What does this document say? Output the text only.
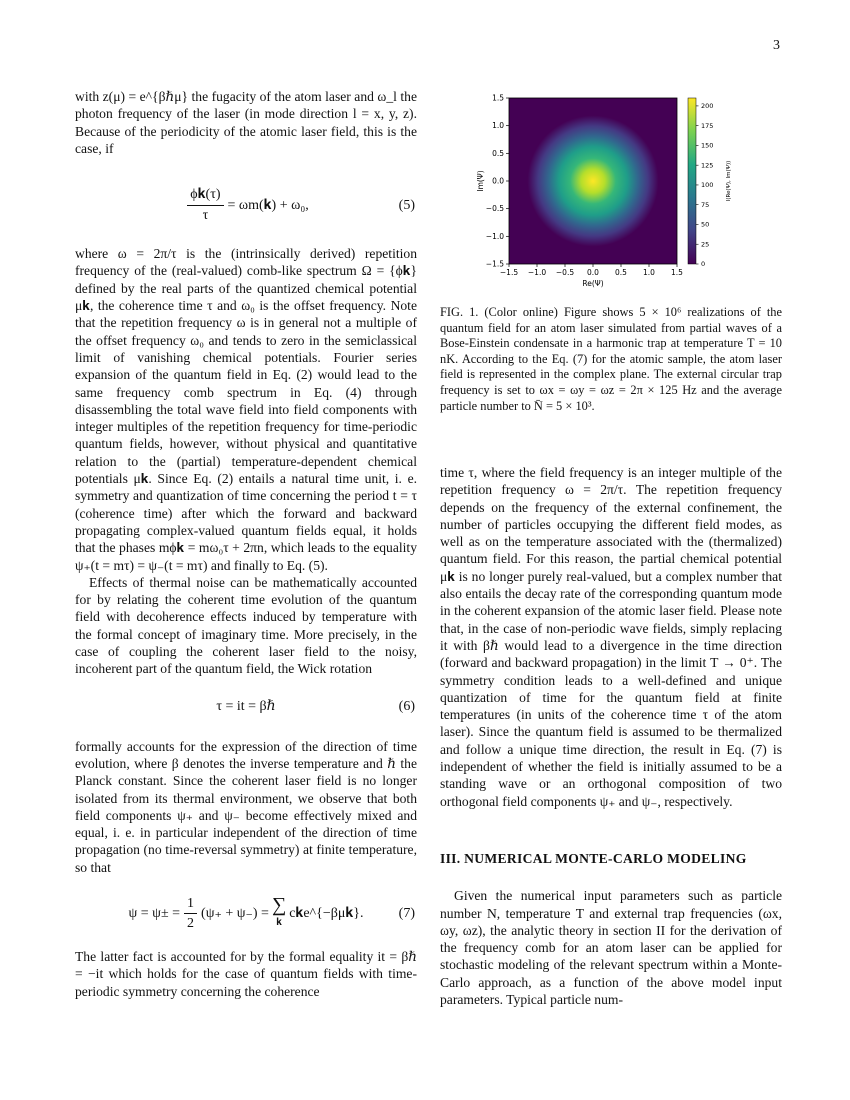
3

with z(μ) = e^{βℏμ} the fugacity of the atom laser and ω_l the photon frequency of the laser (in mode direction l = x, y, z). Because of the periodicity of the atomic laser field, this is the case, if

$\frac{\text{ϕ𝐤(τ)}}{\tau}$ = ωm(𝐤) + ω₀,	(5)

where ω = 2π/τ is the (intrinsically derived) repetition frequency of the (real-valued) comb-like spectrum Ω = {ϕ𝐤} defined by the real parts of the quantized chemical potential μ𝐤, the coherence time τ and ω₀ is the offset frequency. Note that the repetition frequency ω is in general not a multiple of the offset frequency ω₀ and tends to zero in the semiclassical limit of vanishing chemical potentials. Fourier series expansion of the quantum field in Eq. (2) would lead to the same frequency comb spectrum in Eq. (4) through disassembling the total wave field into field components with integer multiples of the repetition frequency for time-periodic quantum fields, however, without physical and quantitative relation to the (partial) temperature-dependent chemical potentials μ𝐤. Since Eq. (2) entails a natural time unit, i. e. symmetry and quantization of time concerning the period t = τ (coherence time) after which the forward and backward propagating complex-valued quantum fields equal, it holds that the phases mϕ𝐤 = mω₀τ + 2πn, which leads to the equality ψ₊(t = mτ) = ψ₋(t = mτ) and finally to Eq. (5).

Effects of thermal noise can be mathematically accounted for by relating the coherent time evolution of the quantum field with decoherence effects induced by temperature with the formal concept of imaginary time. More precisely, in the case of coupling the coherent laser field to the noisy, incoherent part of the quantum field, the Wick rotation

τ = it = βℏ	(6)

formally accounts for the expression of the direction of time evolution, where β denotes the inverse temperature and ℏ the Planck constant. Since the coherent laser field is no longer isolated from its thermal environment, we observe that both field components ψ₊ and ψ₋ become effectively mixed and equal, i. e. in particular independent of the direction of time propagation (no time-reversal symmetry) at finite temperature, so that

$\psi = \psi\pm = \frac{1}{2} (\psi_+ + \psi_-)$ = ∑
𝐤
c𝐤e^{−βμ𝐤}.	(7)

The latter fact is accounted for by the formal equality it = βℏ = −it which holds for the case of quantum fields with time-periodic symmetry concerning the coherence

−1.5 −1.0 −0.5 0.0 0.5 1.0 1.5
1.5
1.0
0.5
0.0
−0.5
−1.0
−1.5
Re(Ψ)
Im(Ψ)
200
175
150
125
100
75
50
25
0
I(Re(Ψ), Im(Ψ))
FIG. 1. (Color online) Figure shows 5 × 10⁶ realizations of the quantum field for an atom laser simulated from partial waves of a Bose-Einstein condensate in a harmonic trap at temperature T = 10 nK. According to the Eq. (7) for the atomic sample, the atom laser field is represented in the complex plane. The external circular trap frequency is set to ωx = ωy = ωz = 2π × 125 Hz and the average particle number to N̄ = 5 × 10³.

time τ, where the field frequency is an integer multiple of the repetition frequency ω = 2π/τ. The repetition frequency depends on the frequency of the external confinement, the number of particles occupying the different field modes, as well as on the temperature associated with the (thermalized) quantum field. For this reason, the partial chemical potential μ𝐤 is no longer purely real-valued, but a complex number that also entails the decay rate of the corresponding quantum mode in the coherent expansion of the atomic laser field. Please note that, in the case of non-periodic wave fields, simply replacing it with βℏ would lead to a divergence in the time direction (forward and backward propagation) in the limit T → 0⁺. The symmetry condition leads to a well-defined and unique quantization of time for the quantum field at finite temperatures (in units of the coherence time τ of the atom laser). Since the quantum field is assumed to be thermalized and follow a unique time direction, the result in Eq. (7) is independent of whether the field is initially assumed to be a standing wave or an orthogonal composition of two orthogonal field components ψ₊ and ψ₋, respectively.

III. NUMERICAL MONTE-CARLO MODELING

Given the numerical input parameters such as particle number N, temperature T and external trap frequencies (ωx, ωy, ωz), the analytic theory in section II for the derivation of the frequency comb for an atom laser can be applied for stochastic modeling of the relevant spectrum within a Monte-Carlo approach, as a function of the above model input parameters. Typical particle num-
